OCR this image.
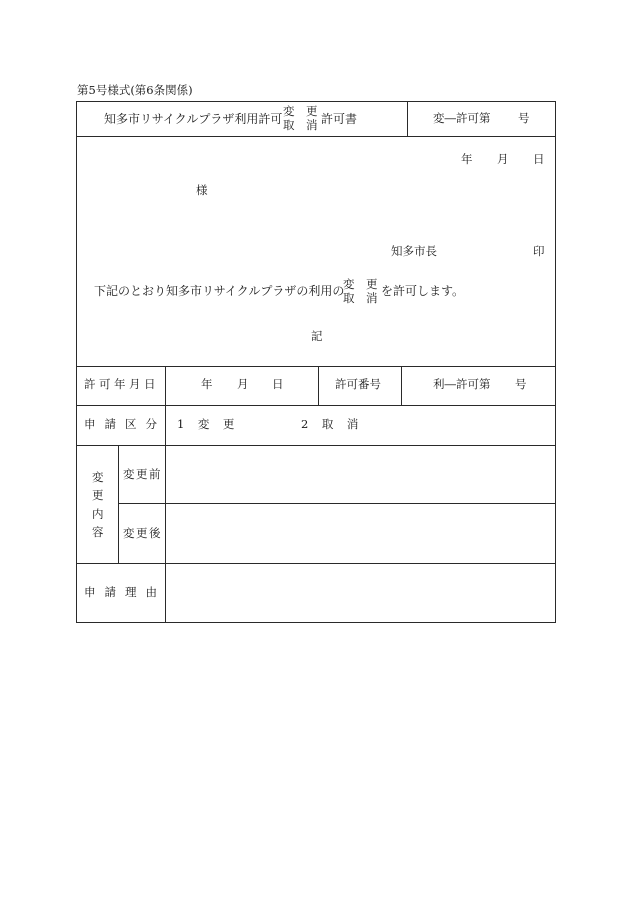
第5号様式(第6条関係)
知多市リサイクルプラザ利用許可
変　更
取　消 許可書	変―許可第 号
年 月 日
様
知多市長	印
下記のとおり知多市リサイクルプラザの利用の
変　更
取　消
を許可します。
記
許可年月日	年 月 日	許可番号	利―許可第 号
申請区分 1　変　更	2　取　消
変
更
内
容
変更前
変更後
申請理由
